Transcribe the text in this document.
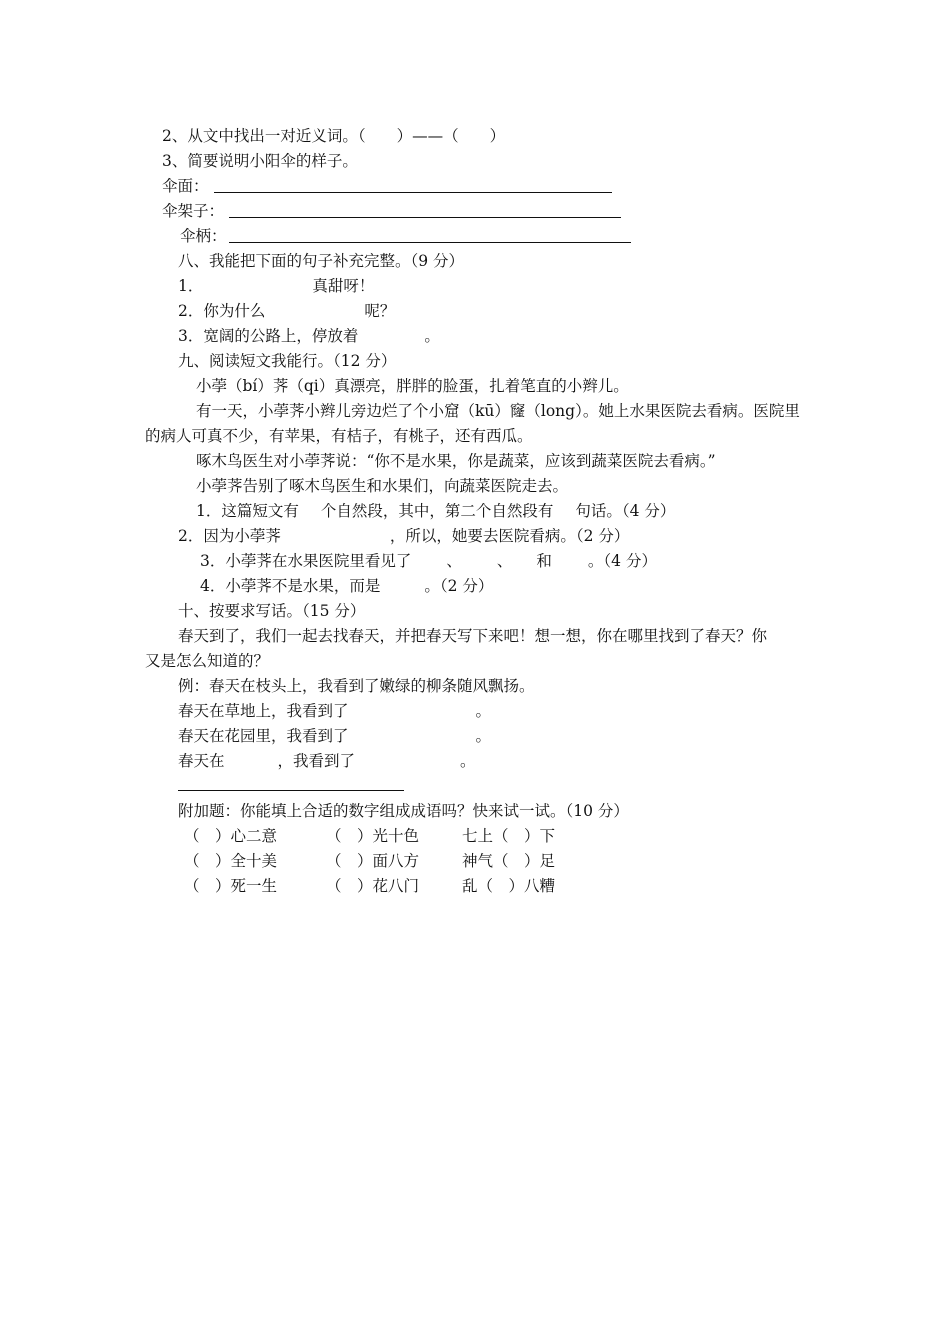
2、从文中找出一对近义词。（　　）——（　　）
3、简要说明小阳伞的样子。
伞面：
伞架子：
伞柄：
八、我能把下面的句子补充完整。（9 分）
1．	真甜呀！
2．你为什么	呢？
3．宽阔的公路上，停放着	。
九、阅读短文我能行。（12 分）
小荸（bí）荠（qi）真漂亮，胖胖的脸蛋，扎着笔直的小辫儿。
有一天，小荸荠小辫儿旁边烂了个小窟（kū）窿（long）。她上水果医院去看病。医院里
的病人可真不少，有苹果，有桔子，有桃子，还有西瓜。
啄木鸟医生对小荸荠说：“你不是水果，你是蔬菜，应该到蔬菜医院去看病。”
小荸荠告别了啄木鸟医生和水果们，向蔬菜医院走去。
1．这篇短文有 个自然段，其中，第二个自然段有 句话。（4 分）
2．因为小荸荠	，所以，她要去医院看病。（2 分）
3．小荸荠在水果医院里看见了 、 、 和 。（4 分）
4．小荸荠不是水果，而是	。（2 分）
十、按要求写话。（15 分）
春天到了，我们一起去找春天，并把春天写下来吧！想一想，你在哪里找到了春天？你
又是怎么知道的？
例：春天在枝头上，我看到了嫩绿的柳条随风飘扬。
春天在草地上，我看到了	。
春天在花园里，我看到了	。
春天在	，我看到了	。
附加题：你能填上合适的数字组成成语吗？快来试一试。（10 分）
（　）心二意	（　）光十色	七上（　）下
（　）全十美	（　）面八方	神气（　）足
（　）死一生	（　）花八门	乱（　）八糟
